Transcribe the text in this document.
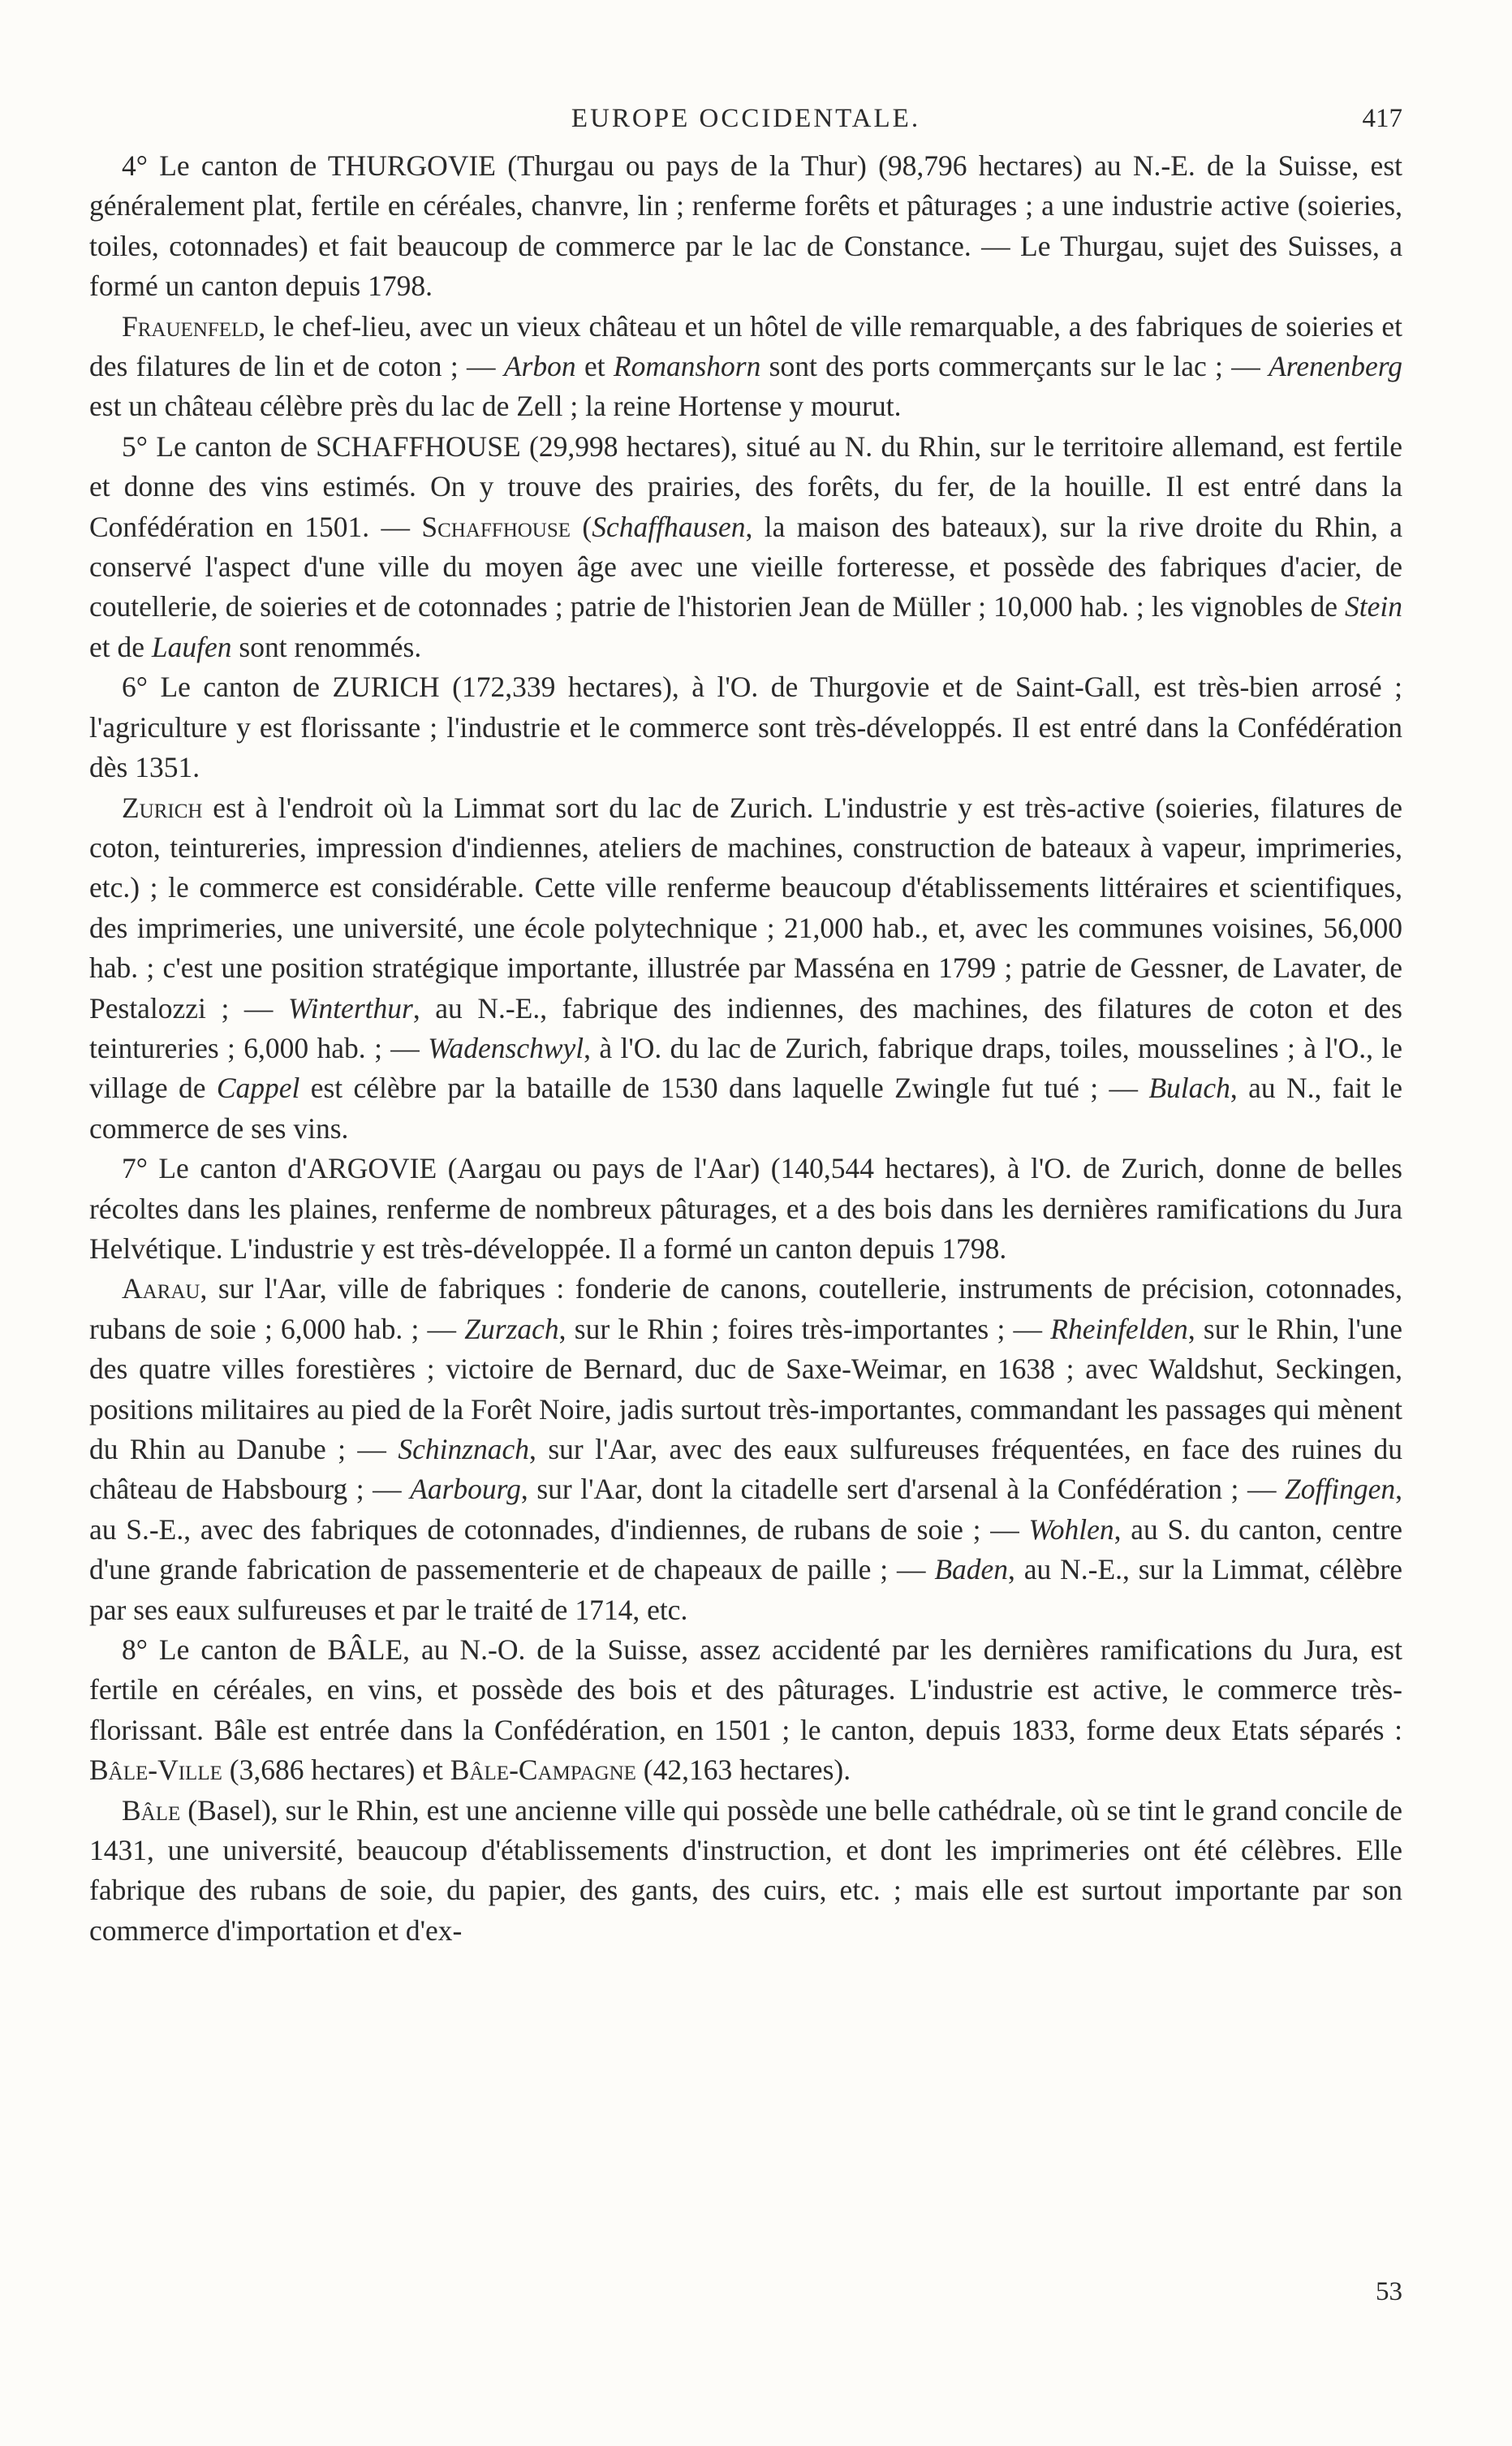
EUROPE OCCIDENTALE.	417

4° Le canton de THURGOVIE (Thurgau ou pays de la Thur) (98,796 hectares) au N.-E. de la Suisse, est généralement plat, fertile en céréales, chanvre, lin ; renferme forêts et pâturages ; a une industrie active (soieries, toiles, cotonnades) et fait beaucoup de commerce par le lac de Constance. — Le Thurgau, sujet des Suisses, a formé un canton depuis 1798.

Frauenfeld, le chef-lieu, avec un vieux château et un hôtel de ville remarquable, a des fabriques de soieries et des filatures de lin et de coton ; — Arbon et Romanshorn sont des ports commerçants sur le lac ; — Arenenberg est un château célèbre près du lac de Zell ; la reine Hortense y mourut.

5° Le canton de SCHAFFHOUSE (29,998 hectares), situé au N. du Rhin, sur le territoire allemand, est fertile et donne des vins estimés. On y trouve des prairies, des forêts, du fer, de la houille. Il est entré dans la Confédération en 1501. — Schaffhouse (Schaffhausen, la maison des bateaux), sur la rive droite du Rhin, a conservé l'aspect d'une ville du moyen âge avec une vieille forteresse, et possède des fabriques d'acier, de coutellerie, de soieries et de cotonnades ; patrie de l'historien Jean de Müller ; 10,000 hab. ; les vignobles de Stein et de Laufen sont renommés.

6° Le canton de ZURICH (172,339 hectares), à l'O. de Thurgovie et de Saint-Gall, est très-bien arrosé ; l'agriculture y est florissante ; l'industrie et le commerce sont très-développés. Il est entré dans la Confédération dès 1351.

Zurich est à l'endroit où la Limmat sort du lac de Zurich. L'industrie y est très-active (soieries, filatures de coton, teintureries, impression d'indiennes, ateliers de machines, construction de bateaux à vapeur, imprimeries, etc.) ; le commerce est considérable. Cette ville renferme beaucoup d'établissements littéraires et scientifiques, des imprimeries, une université, une école polytechnique ; 21,000 hab., et, avec les communes voisines, 56,000 hab. ; c'est une position stratégique importante, illustrée par Masséna en 1799 ; patrie de Gessner, de Lavater, de Pestalozzi ; — Winterthur, au N.-E., fabrique des indiennes, des machines, des filatures de coton et des teintureries ; 6,000 hab. ; — Wadenschwyl, à l'O. du lac de Zurich, fabrique draps, toiles, mousselines ; à l'O., le village de Cappel est célèbre par la bataille de 1530 dans laquelle Zwingle fut tué ; — Bulach, au N., fait le commerce de ses vins.

7° Le canton d'ARGOVIE (Aargau ou pays de l'Aar) (140,544 hectares), à l'O. de Zurich, donne de belles récoltes dans les plaines, renferme de nombreux pâturages, et a des bois dans les dernières ramifications du Jura Helvétique. L'industrie y est très-développée. Il a formé un canton depuis 1798.

Aarau, sur l'Aar, ville de fabriques : fonderie de canons, coutellerie, instruments de précision, cotonnades, rubans de soie ; 6,000 hab. ; — Zurzach, sur le Rhin ; foires très-importantes ; — Rheinfelden, sur le Rhin, l'une des quatre villes forestières ; victoire de Bernard, duc de Saxe-Weimar, en 1638 ; avec Waldshut, Seckingen, positions militaires au pied de la Forêt Noire, jadis surtout très-importantes, commandant les passages qui mènent du Rhin au Danube ; — Schinznach, sur l'Aar, avec des eaux sulfureuses fréquentées, en face des ruines du château de Habsbourg ; — Aarbourg, sur l'Aar, dont la citadelle sert d'arsenal à la Confédération ; — Zoffingen, au S.-E., avec des fabriques de cotonnades, d'indiennes, de rubans de soie ; — Wohlen, au S. du canton, centre d'une grande fabrication de passementerie et de chapeaux de paille ; — Baden, au N.-E., sur la Limmat, célèbre par ses eaux sulfureuses et par le traité de 1714, etc.

8° Le canton de BÂLE, au N.-O. de la Suisse, assez accidenté par les dernières ramifications du Jura, est fertile en céréales, en vins, et possède des bois et des pâturages. L'industrie est active, le commerce très-florissant. Bâle est entrée dans la Confédération, en 1501 ; le canton, depuis 1833, forme deux Etats séparés : Bâle-Ville (3,686 hectares) et Bâle-Campagne (42,163 hectares).

Bâle (Basel), sur le Rhin, est une ancienne ville qui possède une belle cathédrale, où se tint le grand concile de 1431, une université, beaucoup d'établissements d'instruction, et dont les imprimeries ont été célèbres. Elle fabrique des rubans de soie, du papier, des gants, des cuirs, etc. ; mais elle est surtout importante par son commerce d'importation et d'ex-

53
